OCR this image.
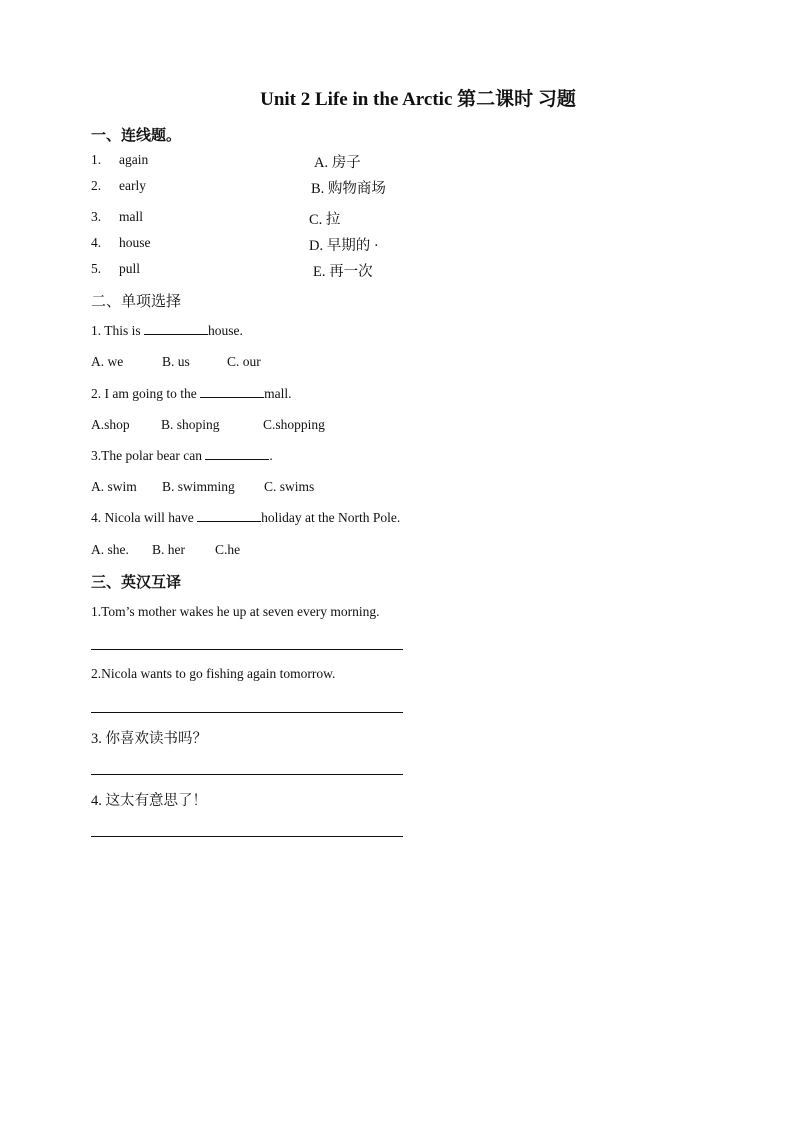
Unit 2 Life in the Arctic 第二课时 习题
一、连线题。
1. again	A. 房子
2. early	B. 购物商场
3. mall	C. 拉
4. house	D. 早期的 ·
5. pull	E. 再一次
二、单项选择
1. This is	house.
A. we	B. us	C. our
2. I am going to the	mall.
A.shop B. shoping	C.shopping
3.The polar bear can	.
A. swim B. swimming C. swims
4. Nicola will have	holiday at the North Pole.
A. she. B. her C.he
三、英汉互译
1.Tom’s mother wakes he up at seven every morning.
2.Nicola wants to go fishing again tomorrow.
3. 你喜欢读书吗？
4. 这太有意思了！
